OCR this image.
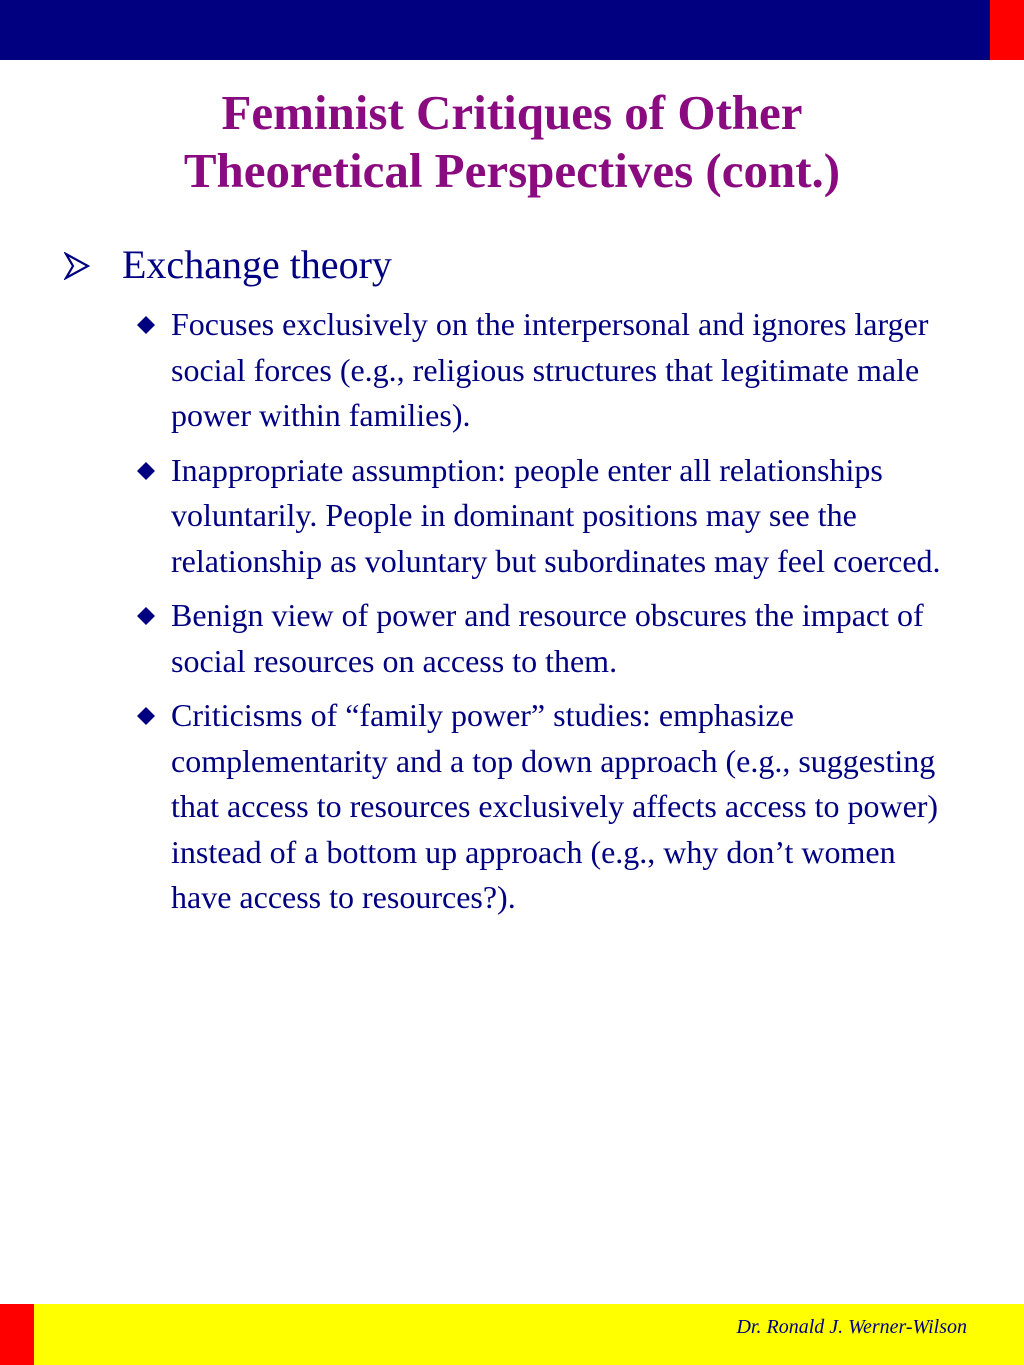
Feminist Critiques of Other
Theoretical Perspectives (cont.)

Exchange theory

Focuses exclusively on the interpersonal and ignores larger social forces (e.g., religious structures that legitimate male power within families).
Inappropriate assumption: people enter all relationships voluntarily. People in dominant positions may see the relationship as voluntary but subordinates may feel coerced.
Benign view of power and resource obscures the impact of social resources on access to them.
Criticisms of “family power” studies: emphasize complementarity and a top down approach (e.g., suggesting that access to resources exclusively affects access to power) instead of a bottom up approach (e.g., why don’t women have access to resources?).
Dr. Ronald J. Werner-Wilson
